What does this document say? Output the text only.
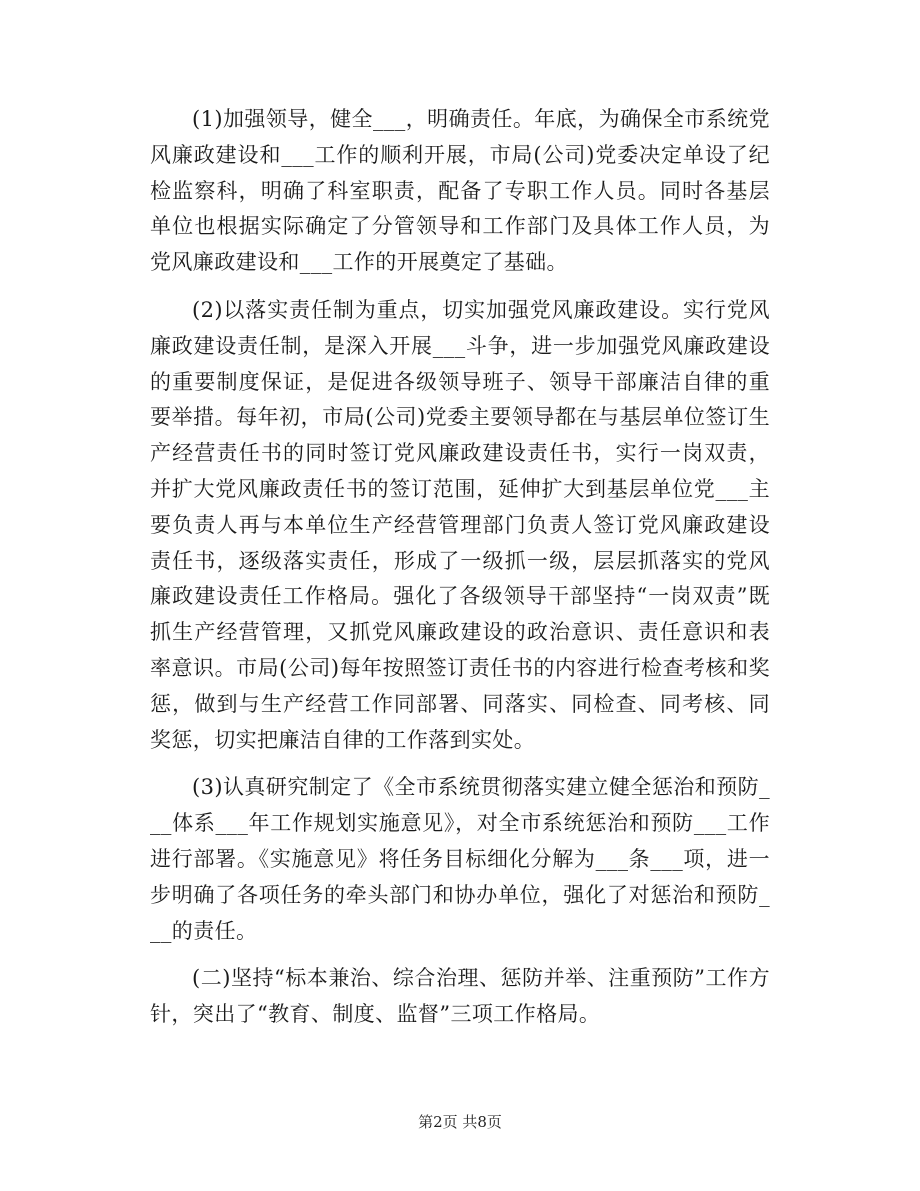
(1)加强领导，健全___，明确责任。年底，为确保全市系统党风廉政建设和___工作的顺利开展，市局(公司)党委决定单设了纪检监察科，明确了科室职责，配备了专职工作人员。同时各基层单位也根据实际确定了分管领导和工作部门及具体工作人员，为党风廉政建设和___工作的开展奠定了基础。

(2)以落实责任制为重点，切实加强党风廉政建设。实行党风廉政建设责任制，是深入开展___斗争，进一步加强党风廉政建设的重要制度保证，是促进各级领导班子、领导干部廉洁自律的重要举措。每年初，市局(公司)党委主要领导都在与基层单位签订生产经营责任书的同时签订党风廉政建设责任书，实行一岗双责，并扩大党风廉政责任书的签订范围，延伸扩大到基层单位党___主要负责人再与本单位生产经营管理部门负责人签订党风廉政建设责任书，逐级落实责任，形成了一级抓一级，层层抓落实的党风廉政建设责任工作格局。强化了各级领导干部坚持“一岗双责”既抓生产经营管理，又抓党风廉政建设的政治意识、责任意识和表率意识。市局(公司)每年按照签订责任书的内容进行检查考核和奖惩，做到与生产经营工作同部署、同落实、同检查、同考核、同奖惩，切实把廉洁自律的工作落到实处。

(3)认真研究制定了《全市系统贯彻落实建立健全惩治和预防___体系___年工作规划实施意见》，对全市系统惩治和预防___工作进行部署。《实施意见》将任务目标细化分解为___条___项，进一步明确了各项任务的牵头部门和协办单位，强化了对惩治和预防___的责任。

(二)坚持“标本兼治、综合治理、惩防并举、注重预防”工作方针，突出了“教育、制度、监督”三项工作格局。

第2页 共8页
